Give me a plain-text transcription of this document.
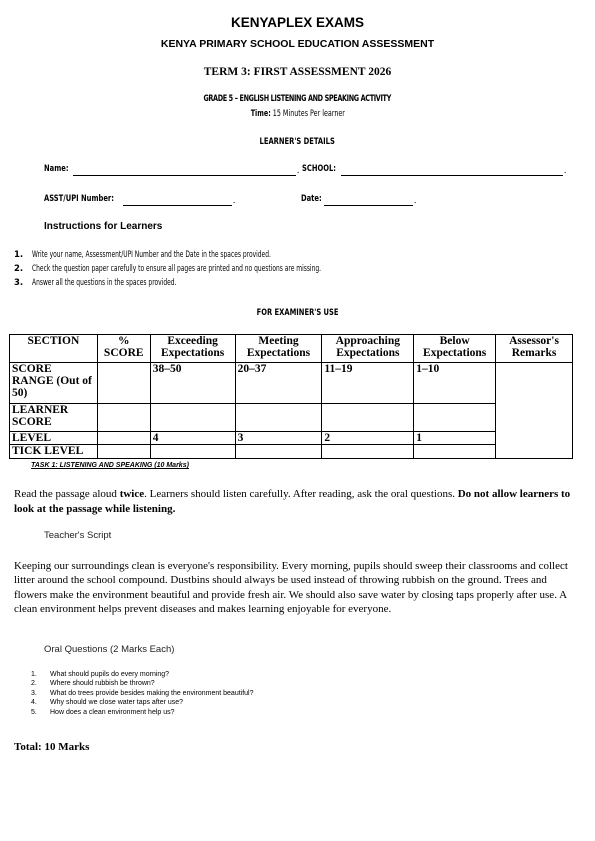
KENYAPLEX EXAMS
KENYA PRIMARY SCHOOL EDUCATION ASSESSMENT
TERM 3: FIRST ASSESSMENT 2026
GRADE 5 – ENGLISH LISTENING AND SPEAKING ACTIVITY
Time: 15 Minutes Per learner
LEARNER'S DETAILS
Name:	. SCHOOL:	.
ASST/UPI Number:	.	Date:	.
Instructions for Learners
1. Write your name, Assessment/UPI Number and the Date in the spaces provided.
2. Check the question paper carefully to ensure all pages are printed and no questions are missing.
3. Answer all the questions in the spaces provided.
FOR EXAMINER'S USE
SECTION	% SCORE	Exceeding Expectations	Meeting Expectations	Approaching Expectations	Below Expectations	Assessor's Remarks
SCORE RANGE (Out of 50)		38–50	20–37	11–19	1–10	
LEARNER SCORE						
LEVEL		4	3	2	1	
TICK LEVEL						
TASK 1: LISTENING AND SPEAKING (10 Marks)
Read the passage aloud twice. Learners should listen carefully. After reading, ask the oral questions. Do not allow learners to look at the passage while listening.
Teacher's Script
Keeping our surroundings clean is everyone's responsibility. Every morning, pupils should sweep their classrooms and collect litter around the school compound. Dustbins should always be used instead of throwing rubbish on the ground. Trees and flowers make the environment beautiful and provide fresh air. We should also save water by closing taps properly after use. A clean environment helps prevent diseases and makes learning enjoyable for everyone.
Oral Questions (2 Marks Each)
1. What should pupils do every morning?
2. Where should rubbish be thrown?
3. What do trees provide besides making the environment beautiful?
4. Why should we close water taps after use?
5. How does a clean environment help us?
Total: 10 Marks
